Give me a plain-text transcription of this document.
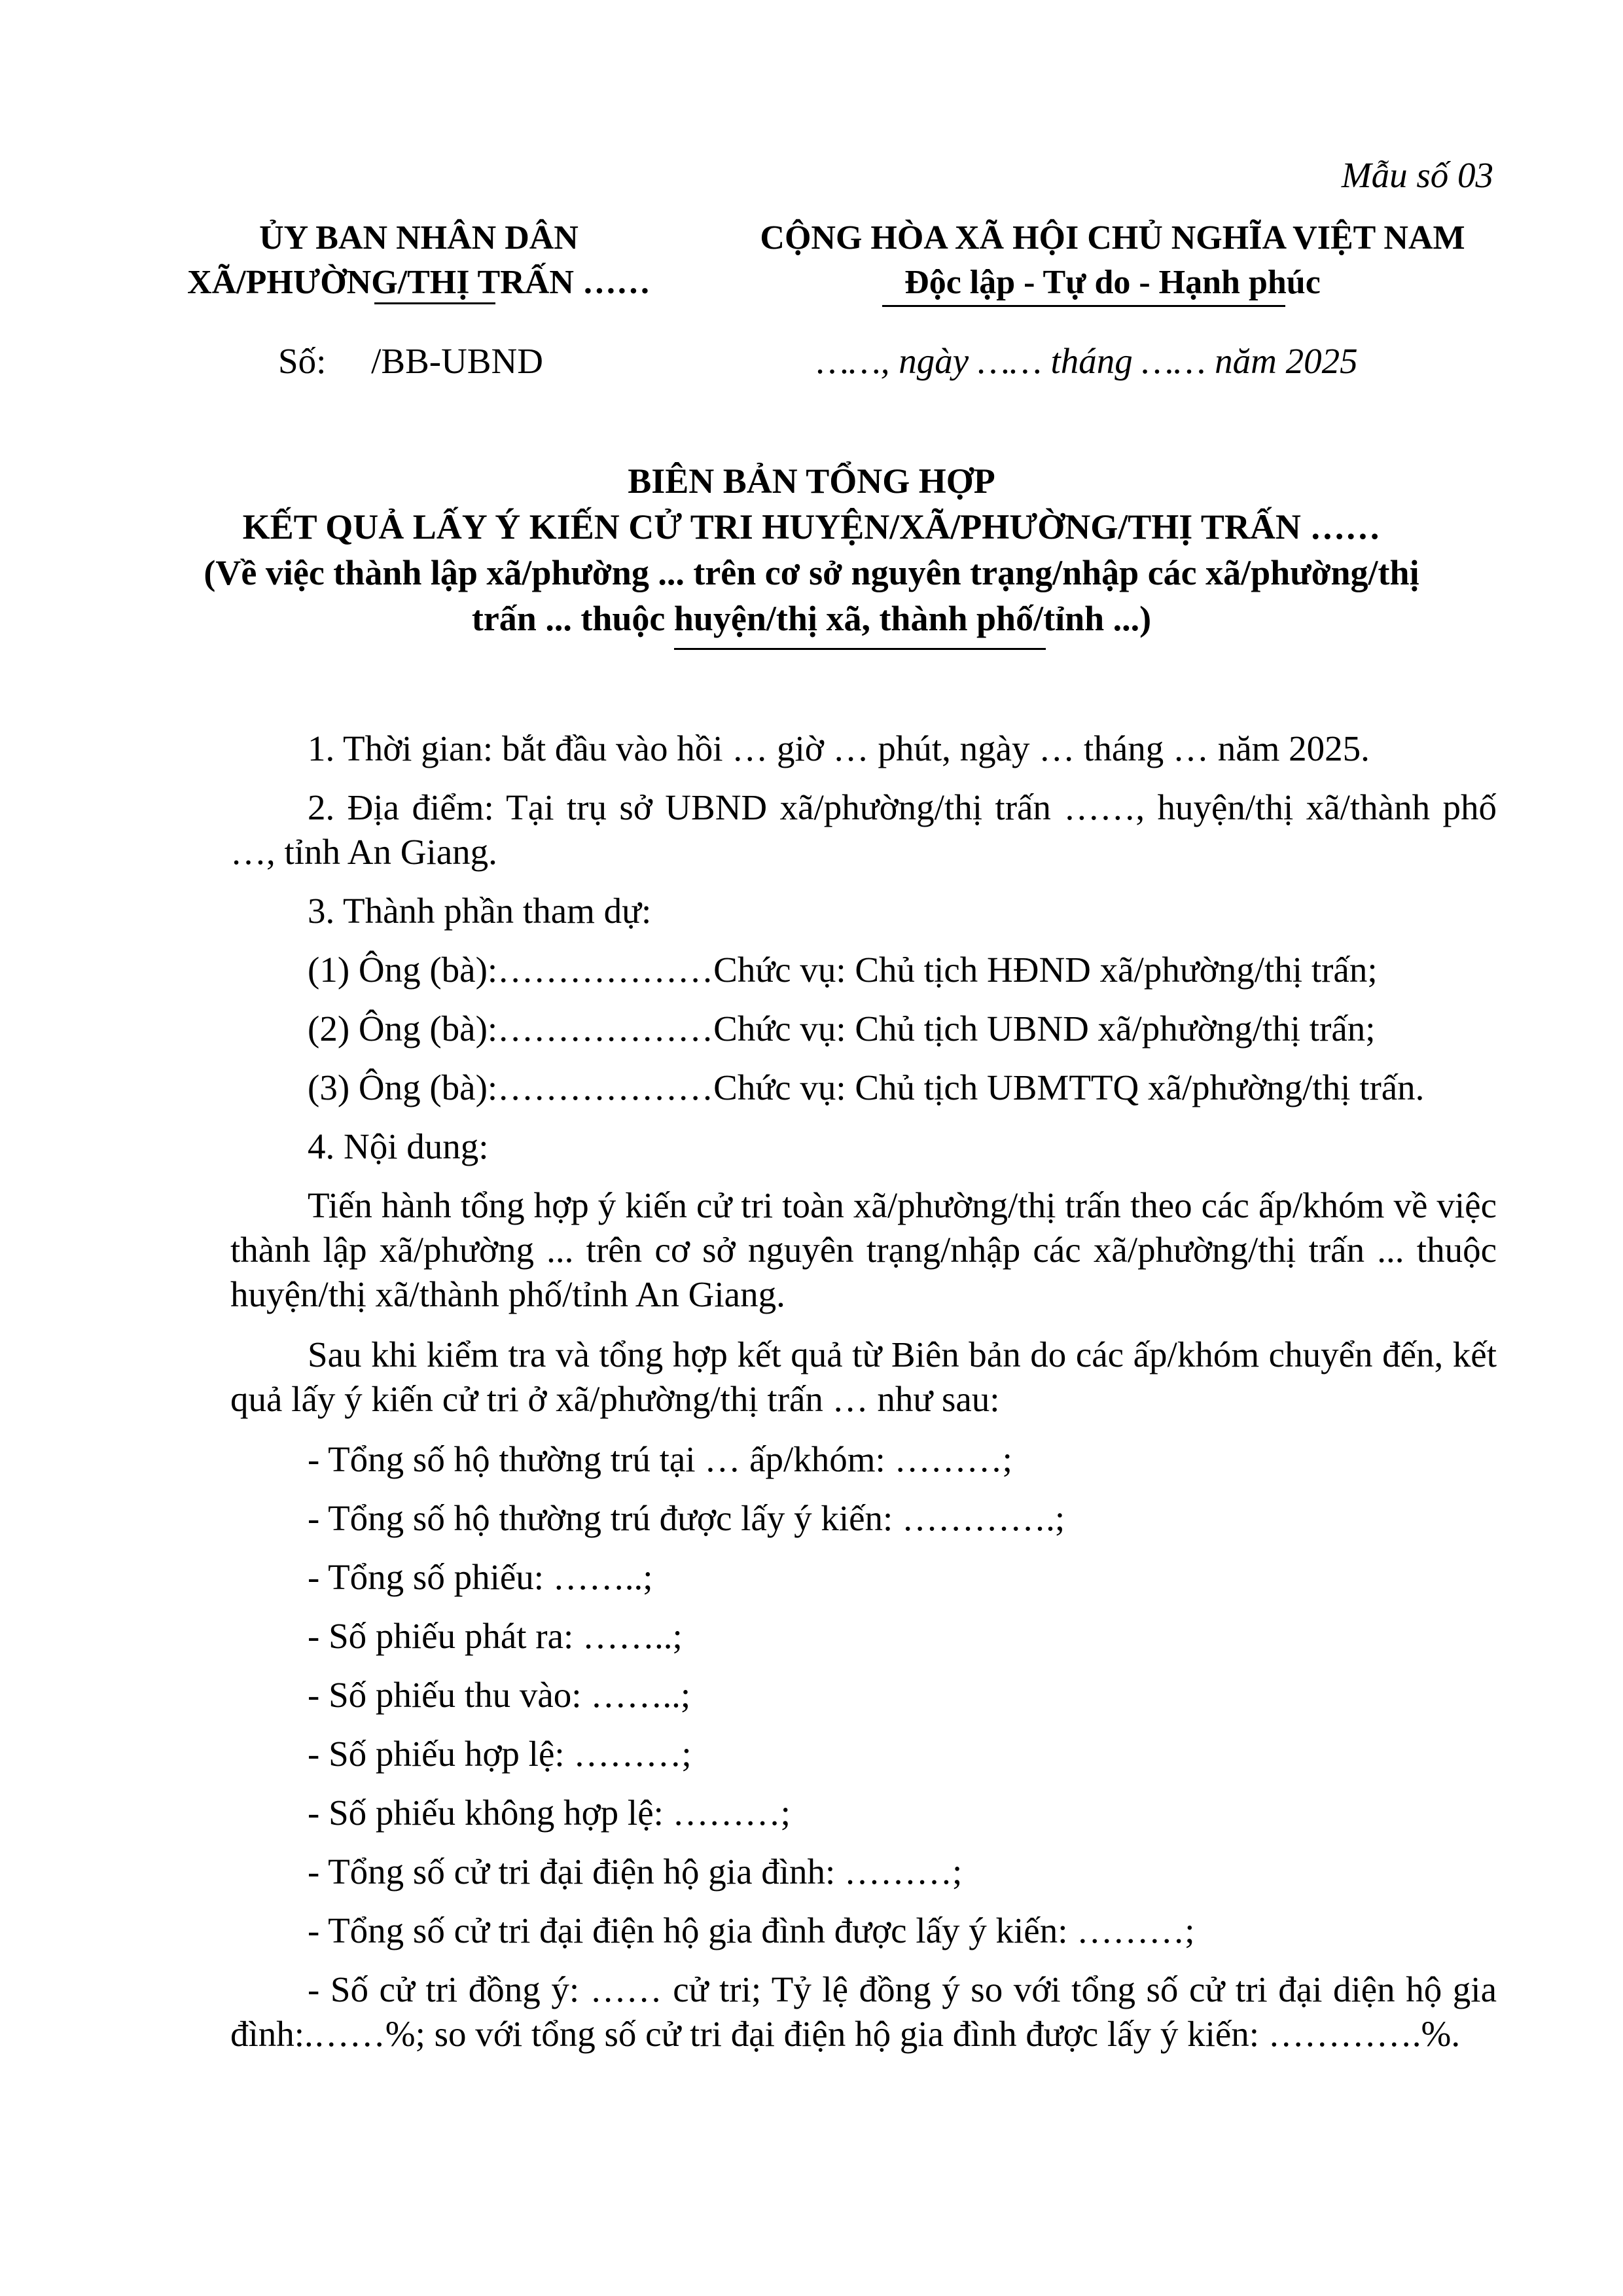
Mẫu số 03
ỦY BAN NHÂN DÂN
XÃ/PHƯỜNG/THỊ TRẤN ……
CỘNG HÒA XÃ HỘI CHỦ NGHĨA VIỆT NAM
Độc lập - Tự do - Hạnh phúc
Số:     /BB-UBND	……, ngày …… tháng …… năm 2025
BIÊN BẢN TỔNG HỢP
KẾT QUẢ LẤY Ý KIẾN CỬ TRI HUYỆN/XÃ/PHƯỜNG/THỊ TRẤN ……
(Về việc thành lập xã/phường ... trên cơ sở nguyên trạng/nhập các xã/phường/thị trấn ... thuộc huyện/thị xã, thành phố/tỉnh ...)

1. Thời gian: bắt đầu vào hồi … giờ … phút, ngày … tháng … năm 2025.

2. Địa điểm: Tại trụ sở UBND xã/phường/thị trấn ……, huyện/thị xã/thành phố …, tỉnh An Giang.

3. Thành phần tham dự:

(1) Ông (bà):………………Chức vụ: Chủ tịch HĐND xã/phường/thị trấn;

(2) Ông (bà):………………Chức vụ: Chủ tịch UBND xã/phường/thị trấn;

(3) Ông (bà):………………Chức vụ: Chủ tịch UBMTTQ xã/phường/thị trấn.

4. Nội dung:

Tiến hành tổng hợp ý kiến cử tri toàn xã/phường/thị trấn theo các ấp/khóm về việc thành lập xã/phường ... trên cơ sở nguyên trạng/nhập các xã/phường/thị trấn ... thuộc huyện/thị xã/thành phố/tỉnh An Giang.

Sau khi kiểm tra và tổng hợp kết quả từ Biên bản do các ấp/khóm chuyển đến, kết quả lấy ý kiến cử tri ở xã/phường/thị trấn … như sau:

- Tổng số hộ thường trú tại … ấp/khóm: ………;

- Tổng số hộ thường trú được lấy ý kiến: ………….;

- Tổng số phiếu: ……..;

- Số phiếu phát ra: ……..;

- Số phiếu thu vào: ……..;

- Số phiếu hợp lệ: ………;

- Số phiếu không hợp lệ: ………;

- Tổng số cử tri đại điện hộ gia đình: ………;

- Tổng số cử tri đại điện hộ gia đình được lấy ý kiến: ………;

- Số cử tri đồng ý: …… cử tri; Tỷ lệ đồng ý so với tổng số cử tri đại diện hộ gia đình:.……%; so với tổng số cử tri đại điện hộ gia đình được lấy ý kiến: ………….%.
